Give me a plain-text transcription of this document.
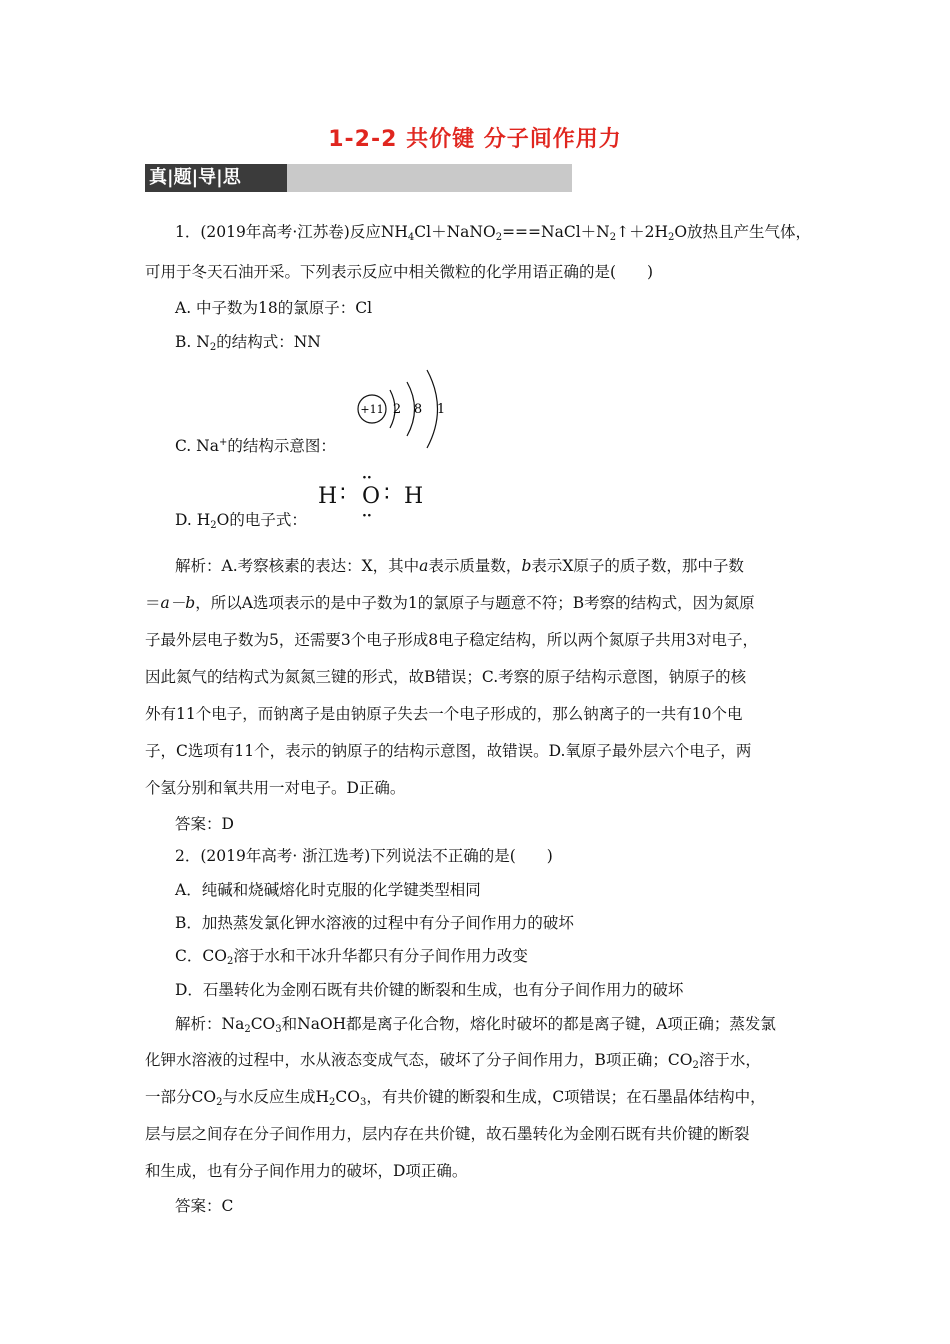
1-2-2 共价键 分子间作用力
真|题|导|思
1．(2019年高考·江苏卷)反应$NH_4Cl+NaNO_2===NaCl+N_2↑+2H_2O$放热且产生气体，
可用于冬天石油开采。下列表示反应中相关微粒的化学用语正确的是(　　)
A. 中子数为18的氯原子：Cl
B. $N_2$的结构式：NN
+11 2 8 1
C. Na+的结构示意图：
H ∶
··
O
··
∶ H
D. $H_2O$的电子式：
解析：A.考察核素的表达：X，其中a表示质量数，b表示X原子的质子数，那中子数
＝a－b，所以A选项表示的是中子数为1的氯原子与题意不符；B考察的结构式，因为氮原
子最外层电子数为5，还需要3个电子形成8电子稳定结构，所以两个氮原子共用3对电子，
因此氮气的结构式为氮氮三键的形式，故B错误；C.考察的原子结构示意图，钠原子的核
外有11个电子，而钠离子是由钠原子失去一个电子形成的，那么钠离子的一共有10个电
子，C选项有11个，表示的钠原子的结构示意图，故错误。D.氧原子最外层六个电子，两
个氢分别和氧共用一对电子。D正确。
答案：D
2．(2019年高考· 浙江选考)下列说法不正确的是(　　)
A．纯碱和烧碱熔化时克服的化学键类型相同
B．加热蒸发氯化钾水溶液的过程中有分子间作用力的破坏
C．$CO_2$溶于水和干冰升华都只有分子间作用力改变
D．石墨转化为金刚石既有共价键的断裂和生成，也有分子间作用力的破坏
解析：$Na_2CO_3$和NaOH都是离子化合物，熔化时破坏的都是离子键，A项正确；蒸发氯
化钾水溶液的过程中，水从液态变成气态，破坏了分子间作用力，B项正确；$CO_2$溶于水，
一部分$CO_2$与水反应生成$H_2CO_3$，有共价键的断裂和生成，C项错误；在石墨晶体结构中，
层与层之间存在分子间作用力，层内存在共价键，故石墨转化为金刚石既有共价键的断裂
和生成，也有分子间作用力的破坏，D项正确。
答案：C
